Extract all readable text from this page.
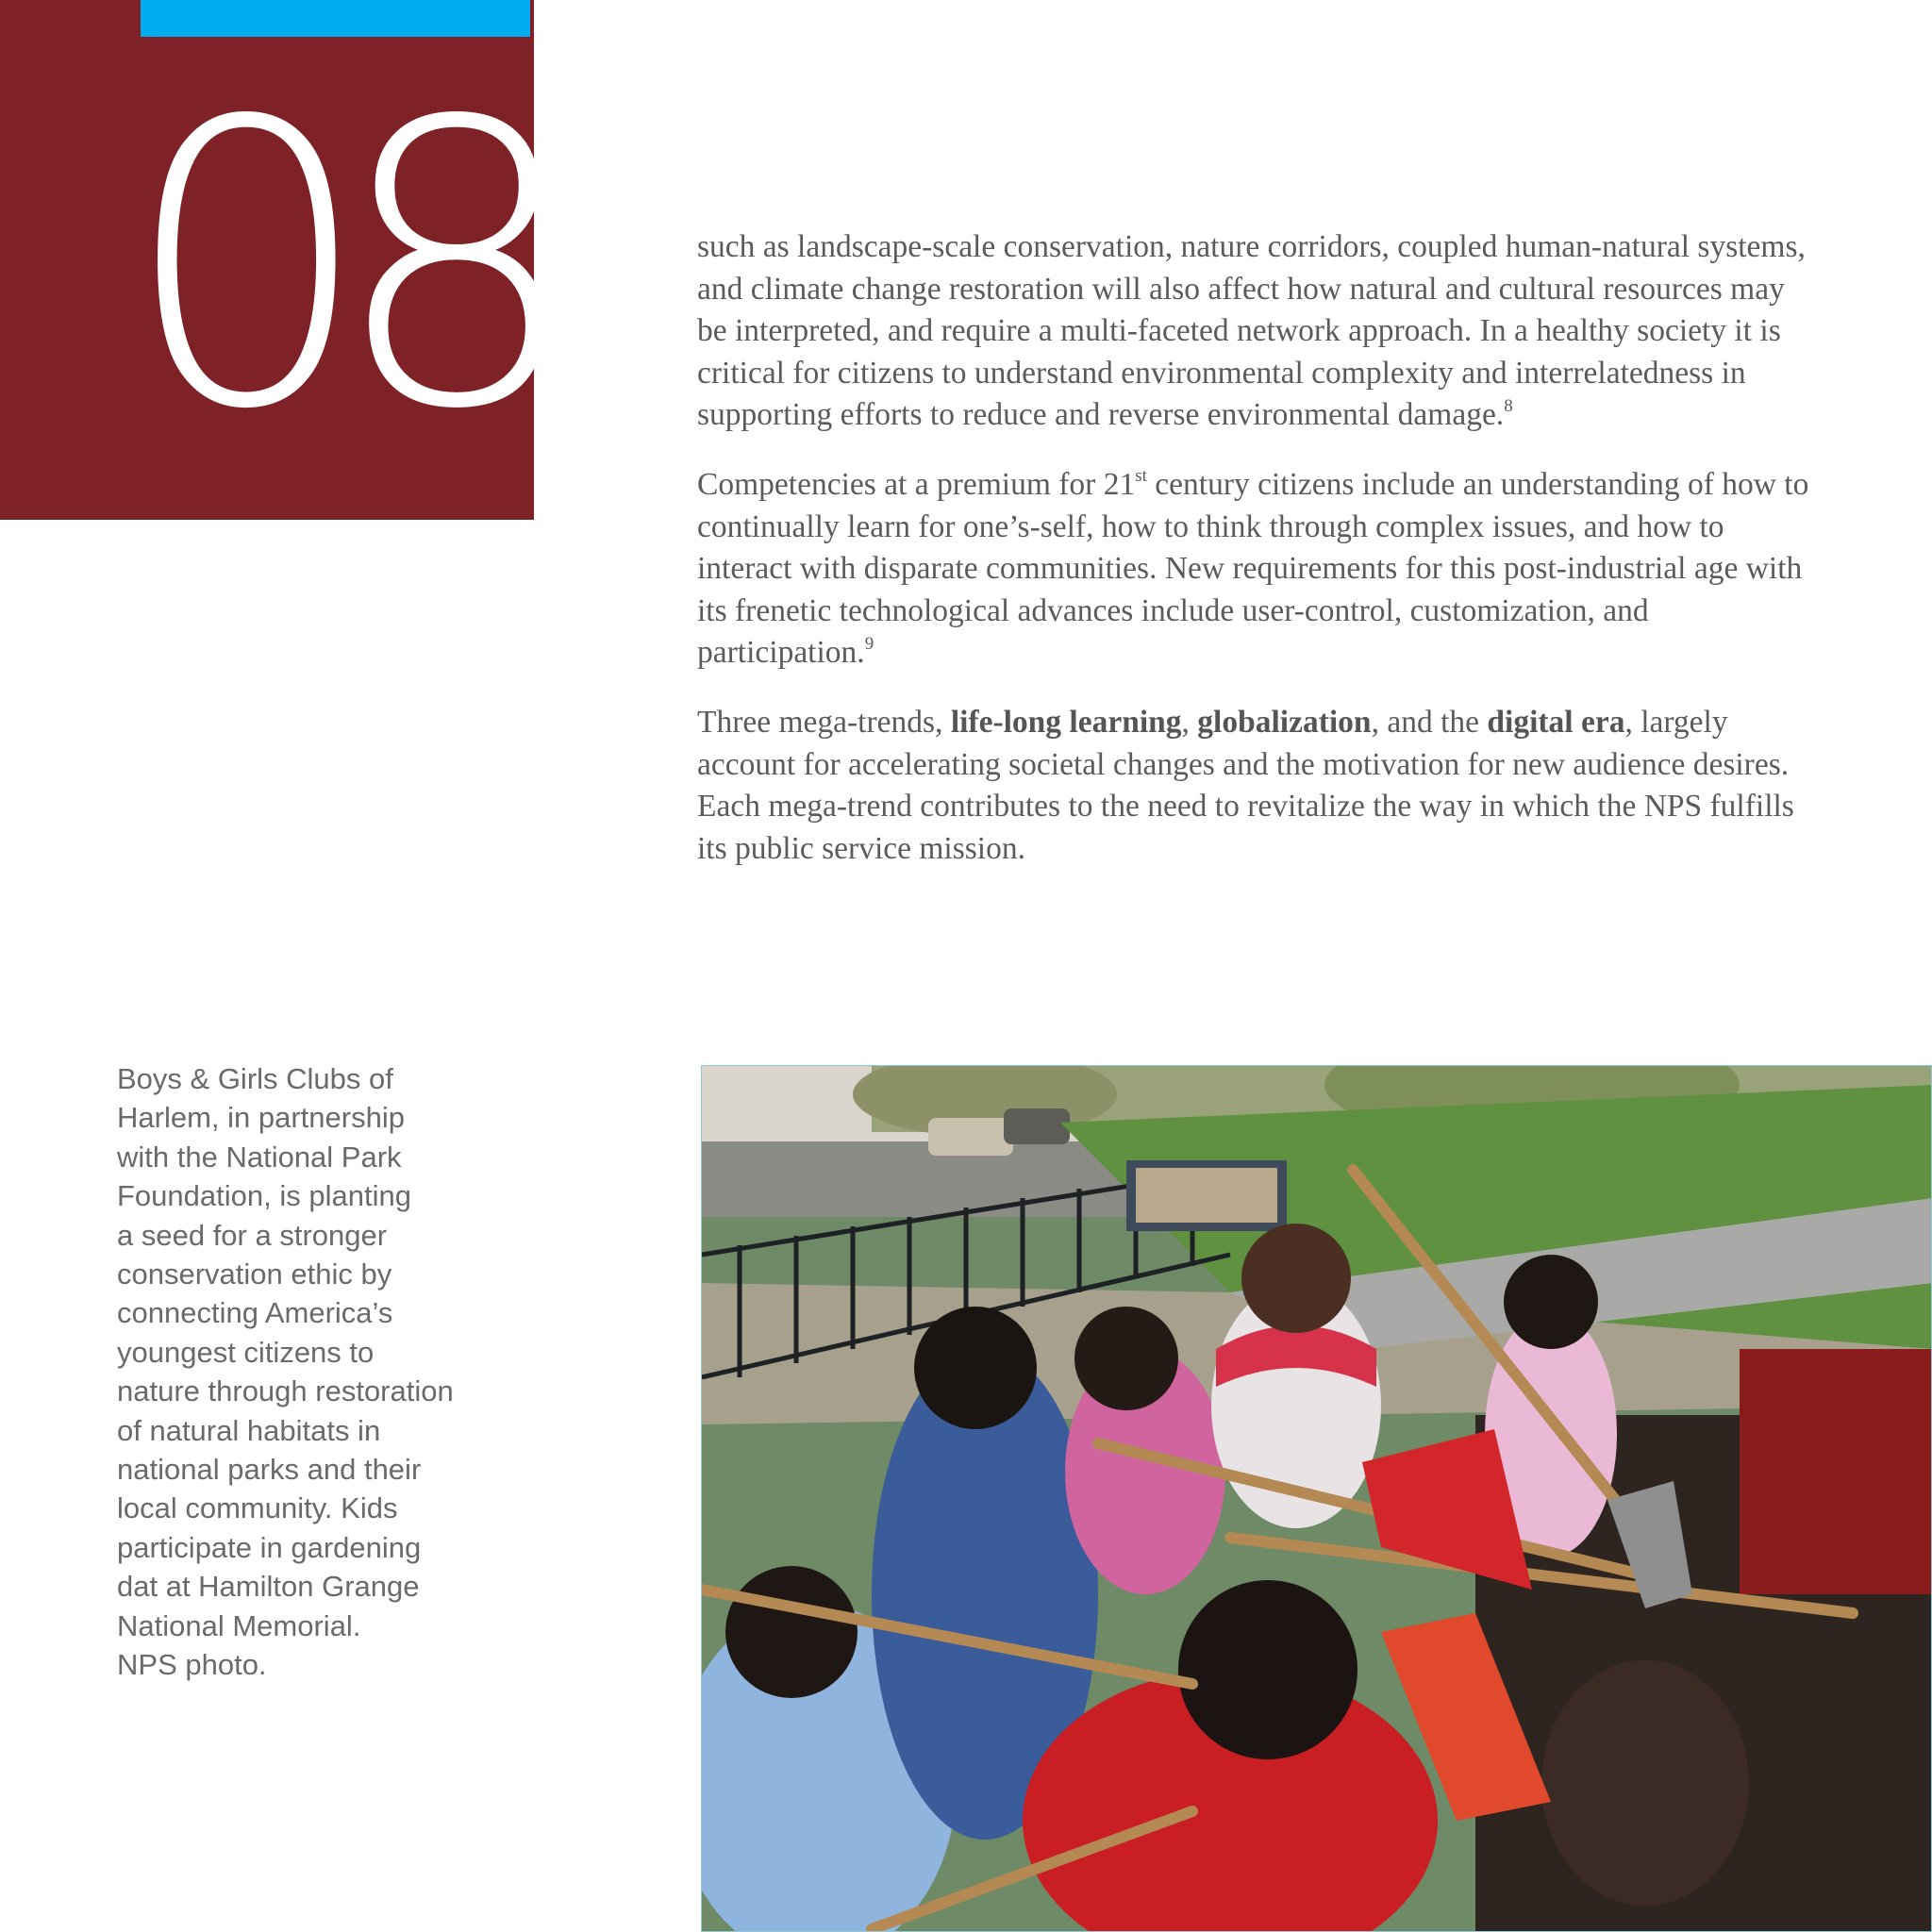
08	such as landscape-scale conservation, nature corridors, coupled human-natural systems, and climate change restoration will also affect how natural and cultural resources may be interpreted, and require a multi-faceted network approach. In a healthy society it is critical for citizens to understand environmental complexity and interrelatedness in supporting efforts to reduce and reverse environmental damage.$^8$

Competencies at a premium for 21st century citizens include an understanding of how to continually learn for one’s-self, how to think through complex issues, and how to interact with disparate communities. New requirements for this post-industrial age with its frenetic technological advances include user-control, customization, and participation.$^9$

Three mega-trends, life-long learning, globalization, and the digital era, largely account for accelerating societal changes and the motivation for new audience desires. Each mega-trend contributes to the need to revitalize the way in which the NPS fulfills its public service mission.

Boys & Girls Clubs of
Harlem, in partnership
with the National Park
Foundation, is planting
a seed for a stronger
conservation ethic by
connecting America’s
youngest citizens to
nature through restoration
of natural habitats in
national parks and their
local community. Kids
participate in gardening
dat at Hamilton Grange
National Memorial.
NPS photo.
